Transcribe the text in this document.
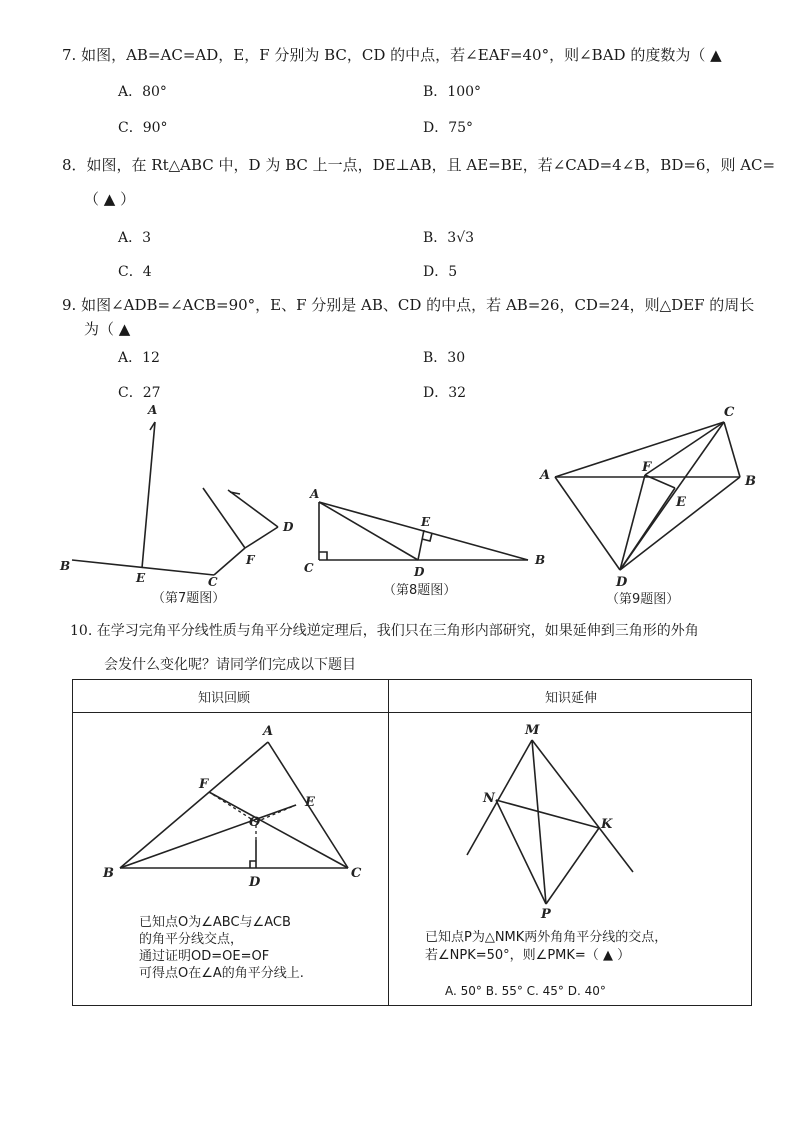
7. 如图，AB=AC=AD，E，F 分别为 BC，CD 的中点，若∠EAF=40°，则∠BAD 的度数为（ ▲
A．80°	B．100°
C．90°	D．75°
8．如图，在 Rt△ABC 中，D 为 BC 上一点，DE⊥AB，且 AE=BE，若∠CAD=4∠B，BD=6，则 AC=
（ ▲ ）
A．3	B．3√3
C．4	D．5
9. 如图∠ADB=∠ACB=90°，E、F 分别是 AB、CD 的中点，若 AB=26，CD=24，则△DEF 的周长
为（ ▲
A．12	B．30
C．27	D．32
A
B
E	C
F
D
（第7题图）
A
E
C	D
B
（第8题图）
C
A
F
E
B
D
（第9题图）
10. 在学习完角平分线性质与角平分线逆定理后，我们只在三角形内部研究，如果延伸到三角形的外角
会发什么变化呢？请同学们完成以下题目
知识回顾	知识延伸
A
F
E
O
B
D
C
已知点O为∠ABC与∠ACB
的角平分线交点，
通过证明OD=OE=OF
可得点O在∠A的角平分线上.
M
N
K
P
已知点P为△NMK两外角角平分线的交点，
若∠NPK=50°，则∠PMK=（ ▲ ）
A. 50° B. 55° C. 45° D. 40°
